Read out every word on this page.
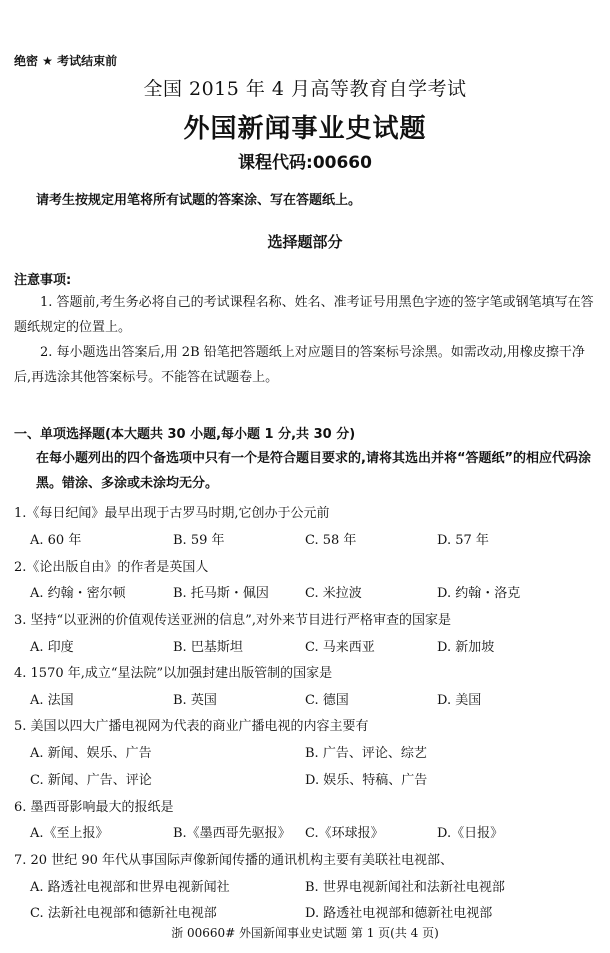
绝密 ★ 考试结束前
全国 2015 年 4 月高等教育自学考试
外国新闻事业史试题
课程代码:00660
请考生按规定用笔将所有试题的答案涂、写在答题纸上。
选择题部分
注意事项:

1. 答题前,考生务必将自己的考试课程名称、姓名、准考证号用黑色字迹的签字笔或钢笔填写在答题纸规定的位置上。

2. 每小题选出答案后,用 2B 铅笔把答题纸上对应题目的答案标号涂黑。如需改动,用橡皮擦干净后,再选涂其他答案标号。不能答在试题卷上。

一、单项选择题(本大题共 30 小题,每小题 1 分,共 30 分)
在每小题列出的四个备选项中只有一个是符合题目要求的,请将其选出并将“答题纸”的相应代码涂黑。错涂、多涂或未涂均无分。
1.《每日纪闻》最早出现于古罗马时期,它创办于公元前
A. 60 年	B. 59 年	C. 58 年	D. 57 年
2.《论出版自由》的作者是英国人
A. 约翰・密尔顿	B. 托马斯・佩因	C. 米拉波	D. 约翰・洛克
3. 坚持“以亚洲的价值观传送亚洲的信息”,对外来节目进行严格审查的国家是
A. 印度	B. 巴基斯坦	C. 马来西亚	D. 新加坡
4. 1570 年,成立“星法院”以加强封建出版管制的国家是
A. 法国	B. 英国	C. 德国	D. 美国
5. 美国以四大广播电视网为代表的商业广播电视的内容主要有
A. 新闻、娱乐、广告	B. 广告、评论、综艺
C. 新闻、广告、评论	D. 娱乐、特稿、广告
6. 墨西哥影响最大的报纸是
A.《至上报》	B.《墨西哥先驱报》 C.《环球报》	D.《日报》
7. 20 世纪 90 年代从事国际声像新闻传播的通讯机构主要有美联社电视部、
A. 路透社电视部和世界电视新闻社	B. 世界电视新闻社和法新社电视部
C. 法新社电视部和德新社电视部	D. 路透社电视部和德新社电视部
浙 00660# 外国新闻事业史试题 第 1 页(共 4 页)
